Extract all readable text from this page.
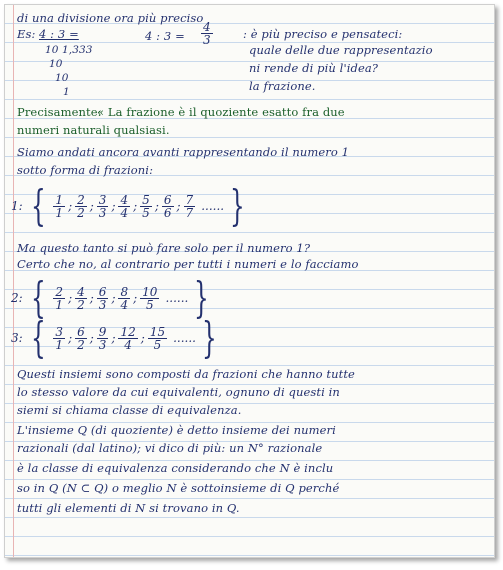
di una divisione ora più preciso
Es: 4 : 3 =
10 1,333
10
10
1
4 : $3 = \frac{4}{3}$	: è più preciso e pensateci:
quale delle due rappresentazio
ni rende di più l'idea?
la frazione.
Precisamente:
« La frazione è il quoziente esatto fra due
numeri naturali qualsiasi.
Siamo andati ancora avanti rappresentando il numero 1
sotto forma di frazioni:
1: { $\frac{1}{1}$ ; $\frac{2}{2}$ ; $\frac{3}{3}$ ; $\frac{4}{4}$ ; $\frac{5}{5}$ ; $\frac{6}{6}$ ; $\frac{7}{7}$ ...... }
Ma questo tanto si può fare solo per il numero 1?
Certo che no, al contrario per tutti i numeri e lo facciamo
2: { $\frac{2}{1}$ ; $\frac{4}{2}$ ; $\frac{6}{3}$ ; $\frac{8}{4}$ ; $\frac{10}{5}$ ...... }
3: { $\frac{3}{1}$ ; $\frac{6}{2}$ ; $\frac{9}{3}$ ; $\frac{12}{4}$ ; $\frac{15}{5}$ ...... }
Questi insiemi sono composti da frazioni che hanno tutte
lo stesso valore da cui equivalenti, ognuno di questi in
siemi si chiama classe di equivalenza.
L'insieme Q (di quoziente) è detto insieme dei numeri
razionali (dal latino); vi dico di più: un N° razionale
è la classe di equivalenza considerando che N è inclu
so in Q (N ⊂ Q) o meglio N è sottoinsieme di Q perché
tutti gli elementi di N si trovano in Q.
